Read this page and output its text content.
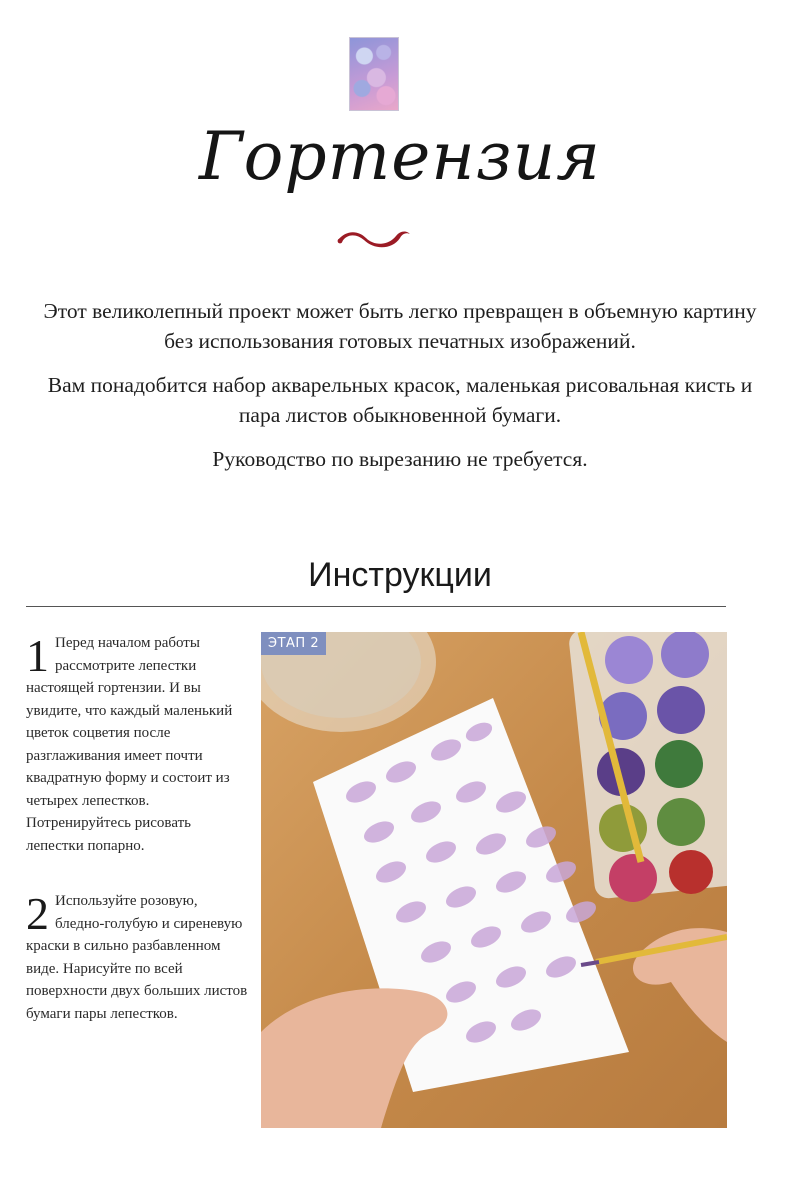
Гортензия

Этот великолепный проект может быть легко превращен в объемную картину без использования готовых печатных изображений.

Вам понадобится набор акварельных красок, маленькая рисовальная кисть и пара листов обыкновенной бумаги.

Руководство по вырезанию не требуется.

Инструкции
1 Перед началом работы рассмотрите лепестки настоящей гортензии. И вы увидите, что каждый маленький цветок соцветия после разглаживания имеет почти квадратную форму и состоит из четырех лепестков. Потренируйтесь рисовать лепестки попарно.
2 Используйте розовую, бледно-голубую и сиреневую краски в сильно разбавленном виде. Нарисуйте по всей поверхности двух больших листов бумаги пары лепестков.
ЭТАП 2
